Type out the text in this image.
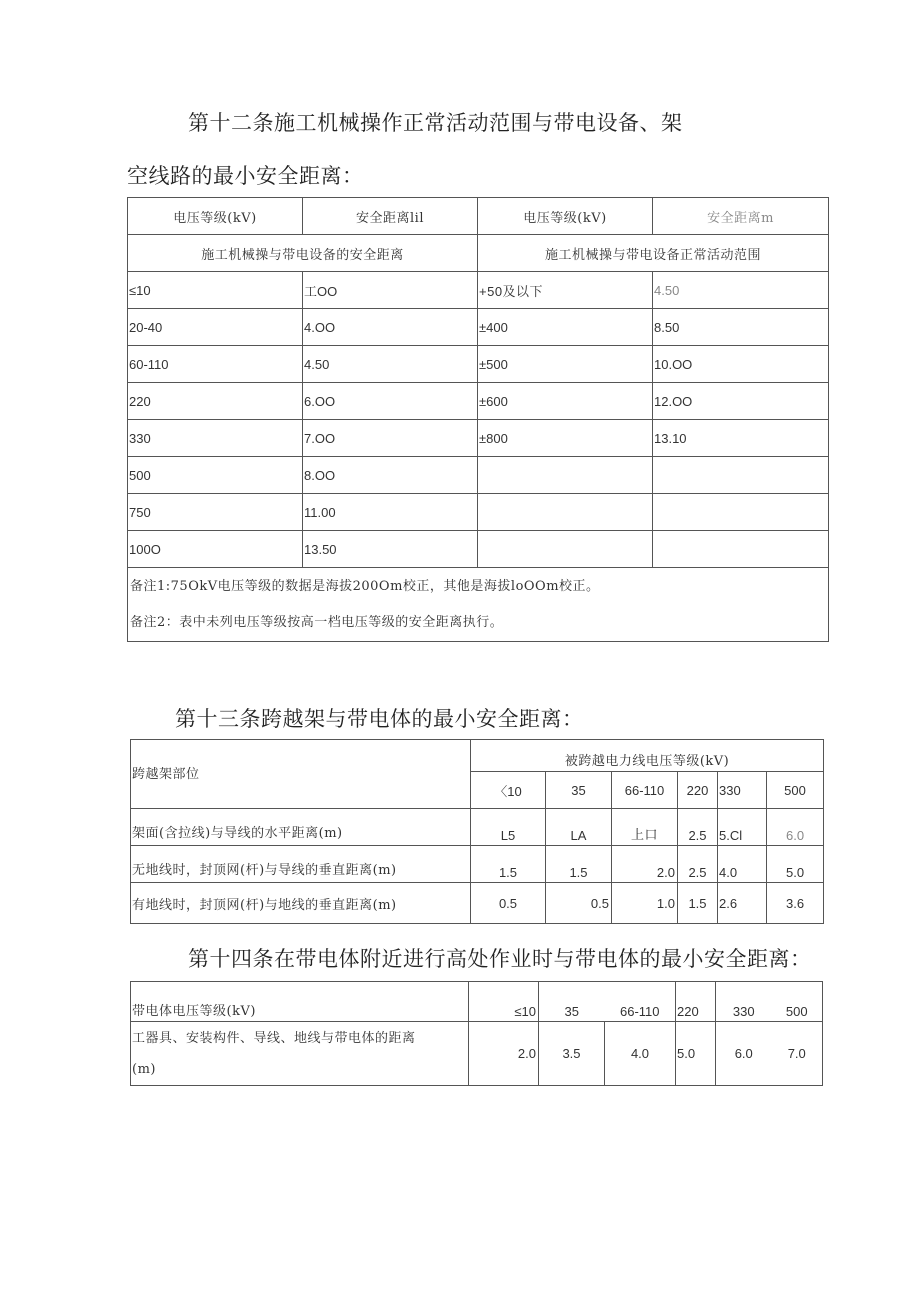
第十二条施工机械操作正常活动范围与带电设备、架
空线路的最小安全距离：
电压等级(kV)	安全距离lil	电压等级(kV)	安全距离m
施工机械操与带电设备的安全距离		施工机械操与带电设备正常活动范围	
≤10	工OO	+50及以下	4.50
20-40	4.OO	±400	8.50
60-110	4.50	±500	10.OO
220	6.OO	±600	12.OO
330	7.OO	±800	13.10
500	8.OO		
750	11.00		
100O	13.50		

备注1:75OkV电压等级的数据是海拔200Om校正，其他是海拔loOOm校正。
备注2：表中未列电压等级按高一档电压等级的安全距离执行。			
第十三条跨越架与带电体的最小安全距离：
跨越架部位	被跨越电力线电压等级(kV)					
	〈10	35	66-110	220	330	500
架面(含拉线)与导线的水平距离(m)	L5	LA	上口	2.5	5.Cl	6.0
无地线时，封顶网(杆)与导线的垂直距离(m)	1.5	1.5	2.0	2.5	4.0	5.0
有地线时，封顶网(杆)与地线的垂直距离(m)	0.5	0.5	1.0	1.5	2.6	3.6
第十四条在带电体附近进行高处作业时与带电体的最小安全距离：
带电体电压等级(kV)	≤10	35	66-110	220	330	500

工器具、安装构件、导线、地线与带电体的距离
(m)	2.0	3.5	4.0	5.0	6.0	7.0
